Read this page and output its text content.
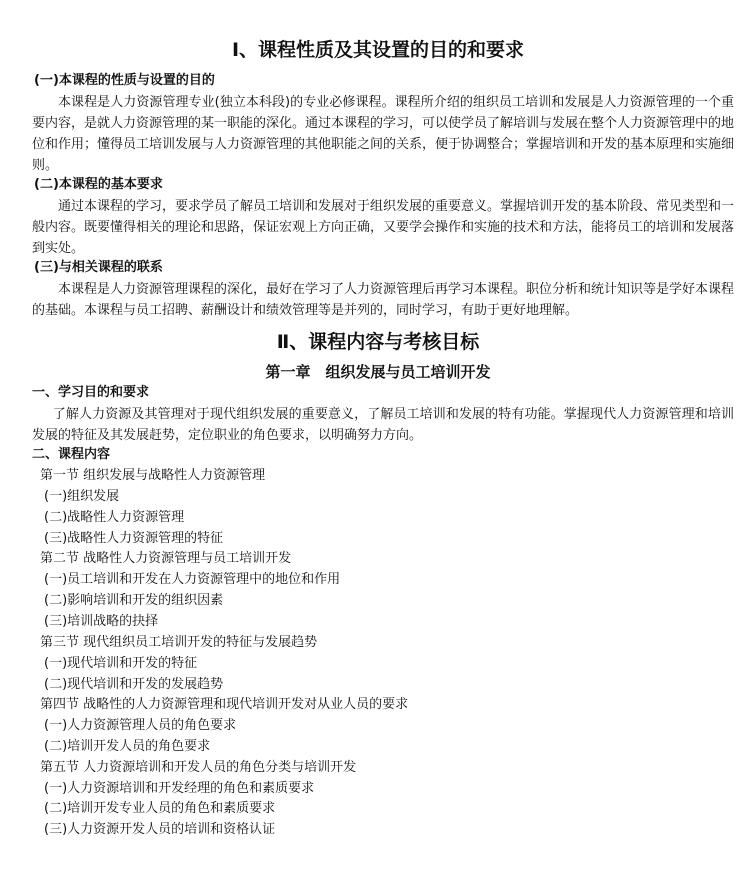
Ⅰ、课程性质及其设置的目的和要求
(一)本课程的性质与设置的目的
本课程是人力资源管理专业(独立本科段)的专业必修课程。课程所介绍的组织员工培训和发展是人力资源管理的一个重要内容，是就人力资源管理的某一职能的深化。通过本课程的学习，可以使学员了解培训与发展在整个人力资源管理中的地位和作用；懂得员工培训发展与人力资源管理的其他职能之间的关系，便于协调整合；掌握培训和开发的基本原理和实施细则。
(二)本课程的基本要求
通过本课程的学习，要求学员了解员工培训和发展对于组织发展的重要意义。掌握培训开发的基本阶段、常见类型和一般内容。既要懂得相关的理论和思路，保证宏观上方向正确，又要学会操作和实施的技术和方法，能将员工的培训和发展落到实处。
(三)与相关课程的联系
本课程是人力资源管理课程的深化，最好在学习了人力资源管理后再学习本课程。职位分析和统计知识等是学好本课程的基础。本课程与员工招聘、薪酬设计和绩效管理等是并列的，同时学习，有助于更好地理解。
Ⅱ、课程内容与考核目标
第一章　组织发展与员工培训开发
一、学习目的和要求
了解人力资源及其管理对于现代组织发展的重要意义，了解员工培训和发展的特有功能。掌握现代人力资源管理和培训发展的特征及其发展赶势，定位职业的角色要求，以明确努力方向。
二、课程内容
第一节 组织发展与战略性人力资源管理
(一)组织发展
(二)战略性人力资源管理
(三)战略性人力资源管理的特征
第二节 战略性人力资源管理与员工培训开发
(一)员工培训和开发在人力资源管理中的地位和作用
(二)影响培训和开发的组织因素
(三)培训战略的抉择
第三节 现代组织员工培训开发的特征与发展趋势
(一)现代培训和开发的特征
(二)现代培训和开发的发展趋势
第四节 战略性的人力资源管理和现代培训开发对从业人员的要求
(一)人力资源管理人员的角色要求
(二)培训开发人员的角色要求
第五节 人力资源培训和开发人员的角色分类与培训开发
(一)人力资源培训和开发经理的角色和素质要求
(二)培训开发专业人员的角色和素质要求
(三)人力资源开发人员的培训和资格认证
